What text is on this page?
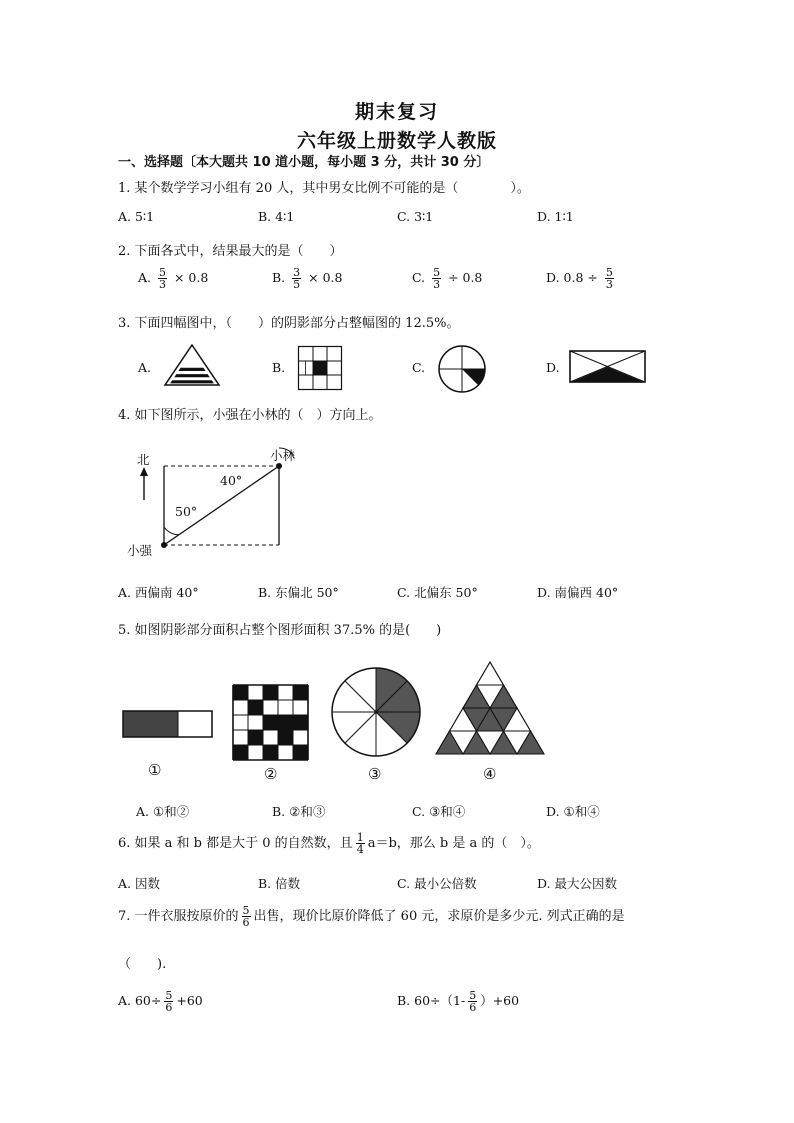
期末复习
六年级上册数学人教版
一、选择题〔本大题共 10 道小题，每小题 3 分，共计 30 分〕
1. 某个数学学习小组有 20 人，其中男女比例不可能的是（　　　　）。
A. 5∶1	B. 4∶1	C. 3∶1	D. 1∶1
2. 下面各式中，结果最大的是（　　）
A. $\frac{5}{3} \times 0.8$	B. $\frac{3}{5} \times 0.8$	C. $\frac{5}{3} \div 0.8$	D. $0.8 \div \frac{5}{3}$
3. 下面四幅图中，（　　）的阴影部分占整幅图的 12.5%。
A.	B.	C.	D.
4. 如下图所示，小强在小林的（　）方向上。
北	小林
小强
40°
50°
A. 西偏南 40°	B. 东偏北 50°	C. 北偏东 50°	D. 南偏西 40°
5. 如图阴影部分面积占整个图形面积 37.5% 的是(　　)
①	②	③	④
A. ①和②	B. ②和③	C. ③和④	D. ①和④
6. 如果 a 和 b 都是大于 0 的自然数，且 $\frac{1}{4} a=b$，那么 b 是 a 的（　）。
A. 因数	B. 倍数	C. 最小公倍数	D. 最大公因数
7. 一件衣服按原价的 $\frac{5}{6}$ 出售，现价比原价降低了 60 元，求原价是多少元. 列式正确的是
（　　).
A. $60\div \frac{5}{6} +60$	B. $60\div(1- \frac{5}{6} )+60$
